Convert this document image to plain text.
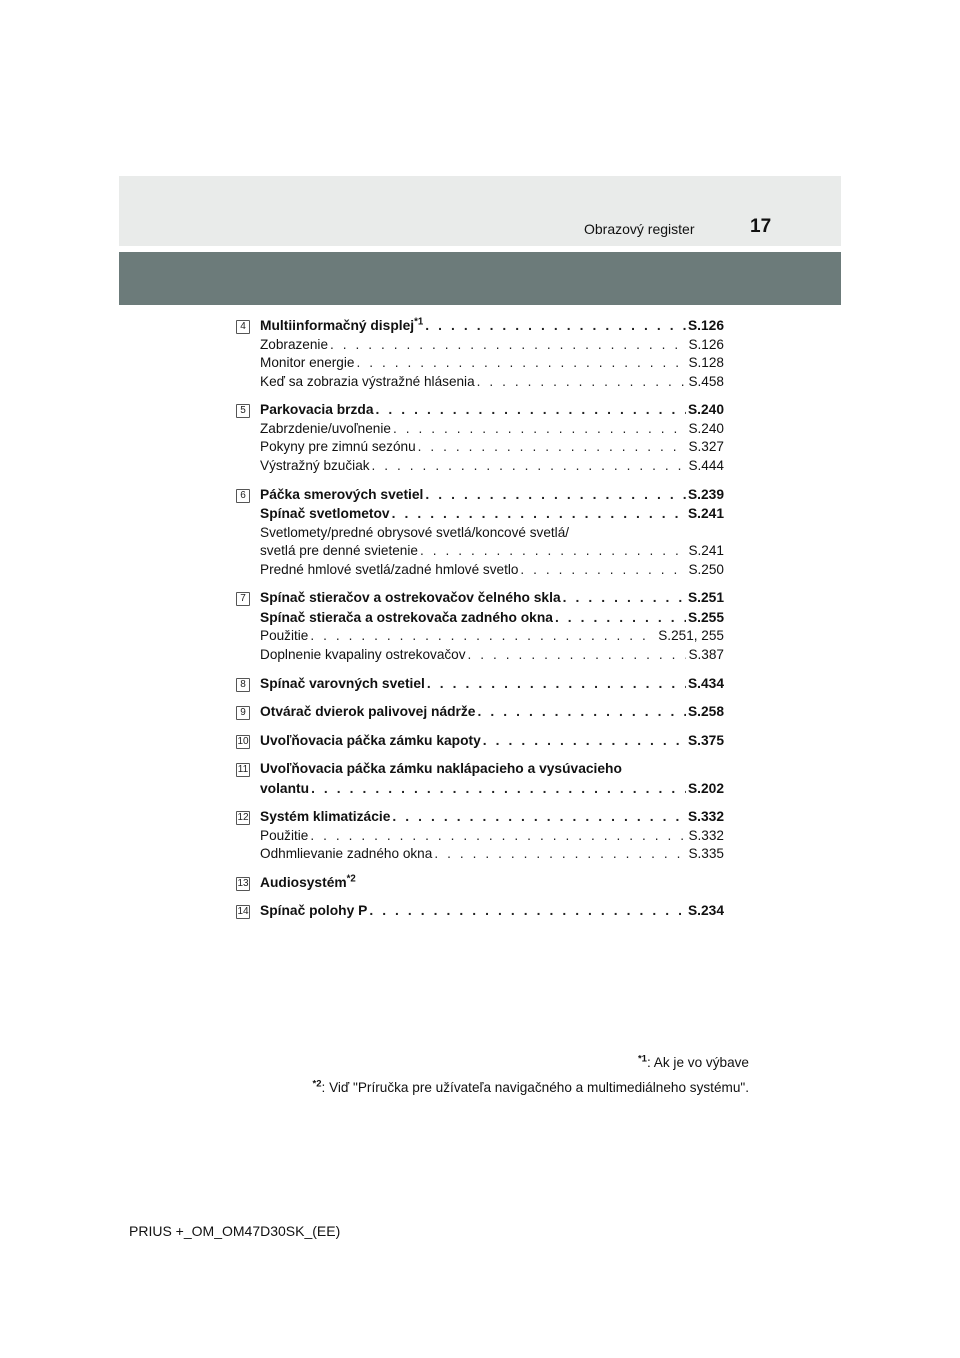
Obrazový register	17
4	Multiinformačný displej$^{*1}$ . . .	S.126
Zobrazenie . . .	S.126
Monitor energie . . .	S.128
Keď sa zobrazia výstražné hlásenia . . .	S.458
5	Parkovacia brzda . . .	S.240
Zabrzdenie/uvoľnenie . . .	S.240
Pokyny pre zimnú sezónu . . .	S.327
Výstražný bzučiak . . .	S.444
6	Páčka smerových svetiel . . .	S.239
Spínač svetlometov . . .	S.241
Svetlomety/predné obrysové svetlá/koncové svetlá/
svetlá pre denné svietenie . . .	S.241
Predné hmlové svetlá/zadné hmlové svetlo . . .	S.250
7	Spínač stieračov a ostrekovačov čelného skla . . .	S.251
Spínač stierača a ostrekovača zadného okna . . .	S.255
Použitie . . .	S.251, 255
Doplnenie kvapaliny ostrekovačov . . .	S.387
8	Spínač varovných svetiel . . .	S.434
9	Otvárač dvierok palivovej nádrže . . .	S.258
10 Uvoľňovacia páčka zámku kapoty . . .	S.375
11 Uvoľňovacia páčka zámku naklápacieho a vysúvacieho
volantu . . .	S.202
12 Systém klimatizácie . . .	S.332
Použitie . . .	S.332
Odhmlievanie zadného okna . . .	S.335
13 Audiosystém$^{*2}$
14 Spínač polohy P . . .	S.234
$^{*1}$: Ak je vo výbave
$^{*2}$: Viď "Príručka pre užívateľa navigačného a multimediálneho systému".
PRIUS +_OM_OM47D30SK_(EE)
